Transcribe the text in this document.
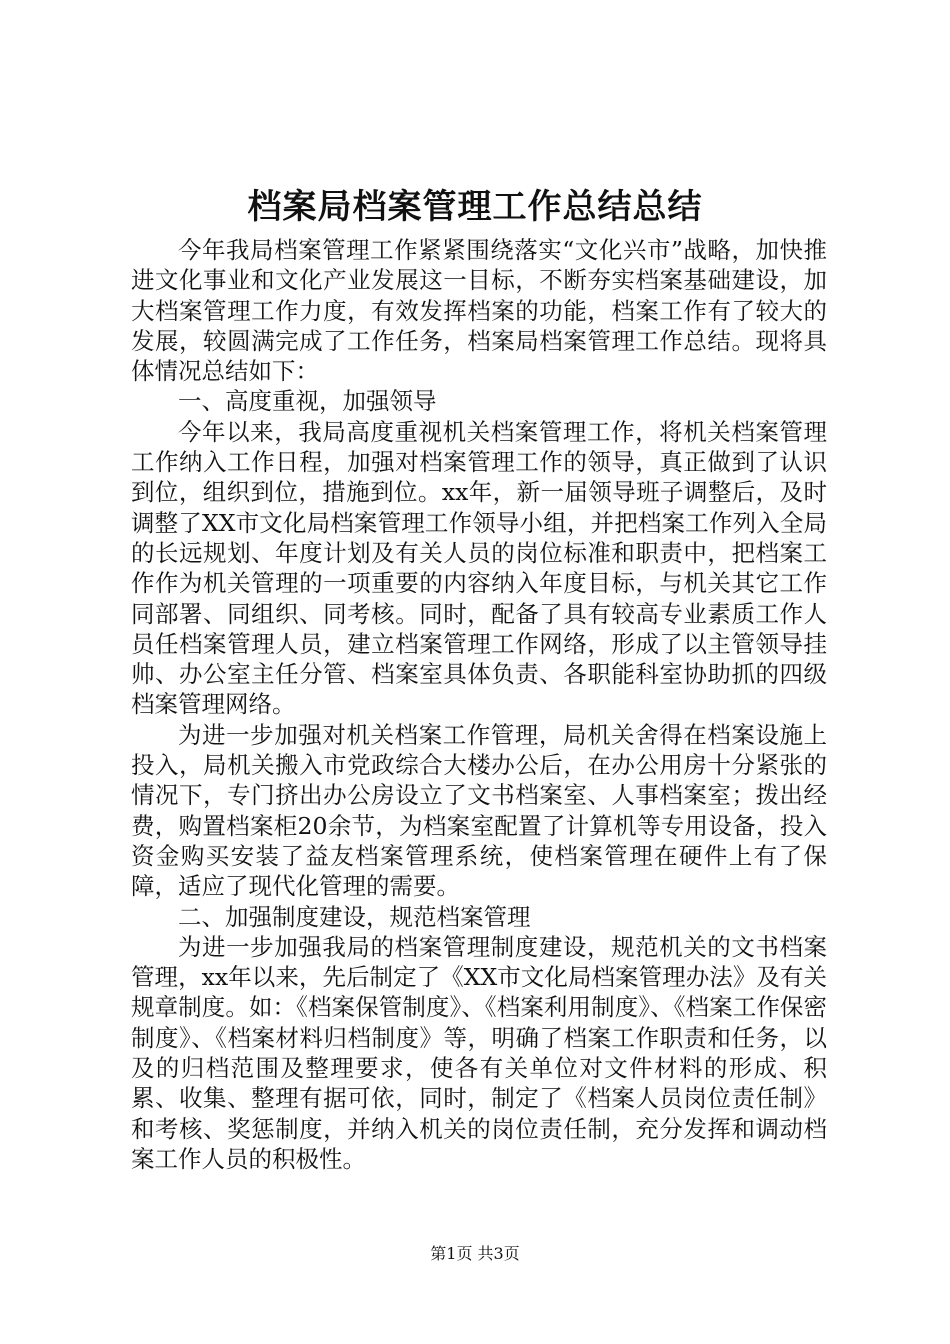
档案局档案管理工作总结总结

今年我局档案管理工作紧紧围绕落实“文化兴市”战略，加快推进文化事业和文化产业发展这一目标，不断夯实档案基础建设，加大档案管理工作力度，有效发挥档案的功能，档案工作有了较大的发展，较圆满完成了工作任务，档案局档案管理工作总结。现将具体情况总结如下：

一、高度重视，加强领导

今年以来，我局高度重视机关档案管理工作，将机关档案管理工作纳入工作日程，加强对档案管理工作的领导，真正做到了认识到位，组织到位，措施到位。xx年，新一届领导班子调整后，及时调整了XX市文化局档案管理工作领导小组，并把档案工作列入全局的长远规划、年度计划及有关人员的岗位标准和职责中，把档案工作作为机关管理的一项重要的内容纳入年度目标，与机关其它工作同部署、同组织、同考核。同时，配备了具有较高专业素质工作人员任档案管理人员，建立档案管理工作网络，形成了以主管领导挂帅、办公室主任分管、档案室具体负责、各职能科室协助抓的四级档案管理网络。

为进一步加强对机关档案工作管理，局机关舍得在档案设施上投入，局机关搬入市党政综合大楼办公后，在办公用房十分紧张的情况下，专门挤出办公房设立了文书档案室、人事档案室；拨出经费，购置档案柜20余节，为档案室配置了计算机等专用设备，投入资金购买安装了益友档案管理系统，使档案管理在硬件上有了保障，适应了现代化管理的需要。

二、加强制度建设，规范档案管理

为进一步加强我局的档案管理制度建设，规范机关的文书档案管理，xx年以来，先后制定了《XX市文化局档案管理办法》及有关规章制度。如：《档案保管制度》、《档案利用制度》、《档案工作保密制度》、《档案材料归档制度》等，明确了档案工作职责和任务，以及的归档范围及整理要求，使各有关单位对文件材料的形成、积累、收集、整理有据可依，同时，制定了《档案人员岗位责任制》和考核、奖惩制度，并纳入机关的岗位责任制，充分发挥和调动档案工作人员的积极性。

第1页 共3页
